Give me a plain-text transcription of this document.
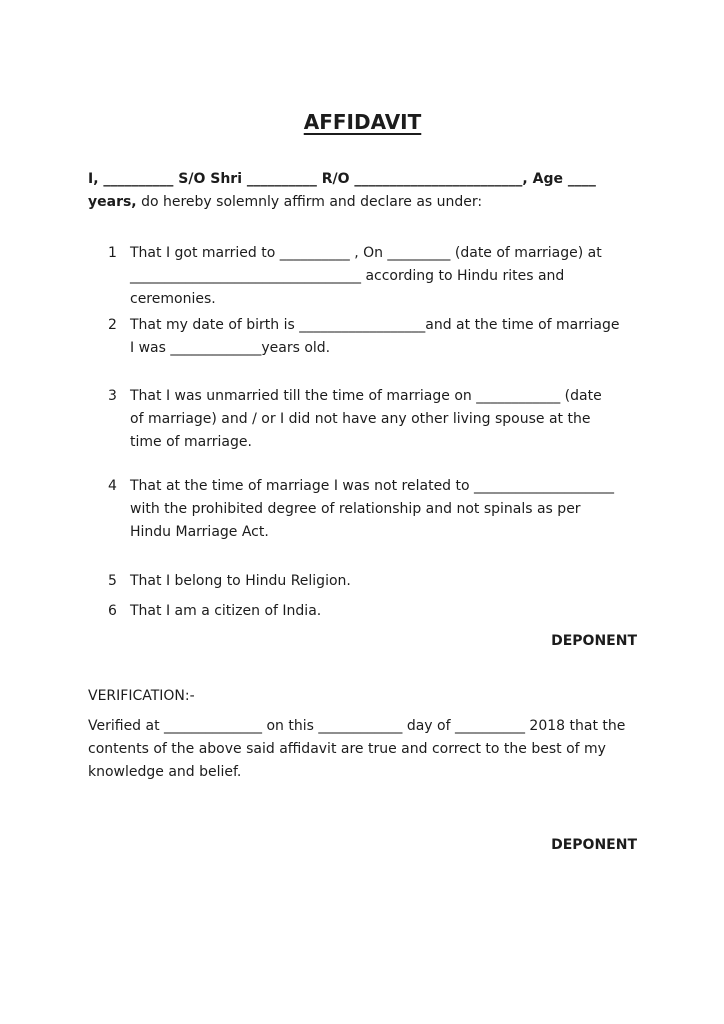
AFFIDAVIT
I, __________ S/O Shri __________ R/O ________________________, Age ____
years, do hereby solemnly affirm and declare as under:
1 That I got married to __________ , On _________ (date of marriage) at
_________________________________ according to Hindu rites and
ceremonies.
2 That my date of birth is __________________and at the time of marriage
I was _____________years old.
3 That I was unmarried till the time of marriage on ____________ (date
of marriage) and / or I did not have any other living spouse at the
time of marriage.
4 That at the time of marriage I was not related to ____________________
with the prohibited degree of relationship and not spinals as per
Hindu Marriage Act.
5 That I belong to Hindu Religion.
6 That I am a citizen of India.
DEPONENT
VERIFICATION:-
Verified at ______________ on this ____________ day of __________ 2018 that the
contents of the above said affidavit are true and correct to the best of my
knowledge and belief.
DEPONENT
